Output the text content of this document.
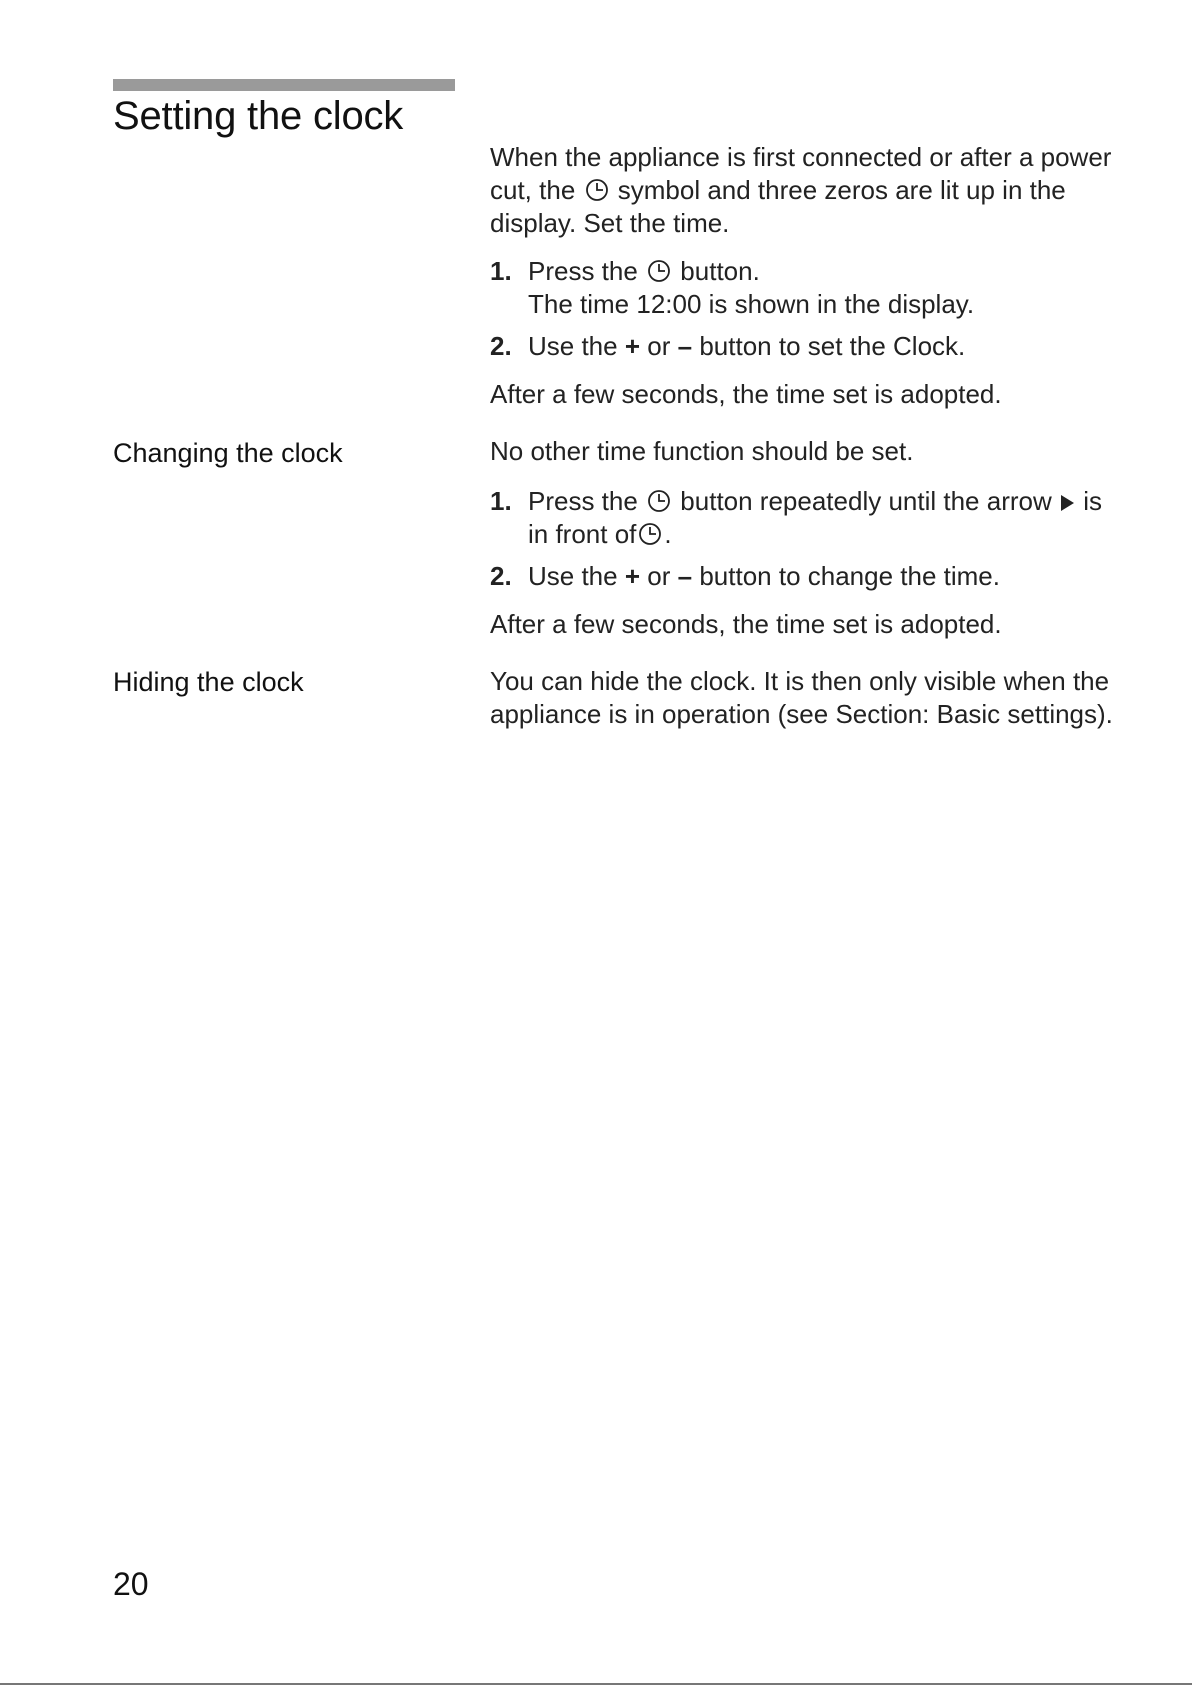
Setting the clock

When the appliance is first connected or after a power
cut, the symbol and three zeros are lit up in the
display. Set the time.

1. Press the button.
The time 12:00 is shown in the display.
2. Use the + or – button to set the Clock.

After a few seconds, the time set is adopted.

Changing the clock	No other time function should be set.

1. Press the button repeatedly until the arrow is
in front of .
2. Use the + or – button to change the time.

After a few seconds, the time set is adopted.

Hiding the clock	You can hide the clock. It is then only visible when the
appliance is in operation (see Section: Basic settings).

20
